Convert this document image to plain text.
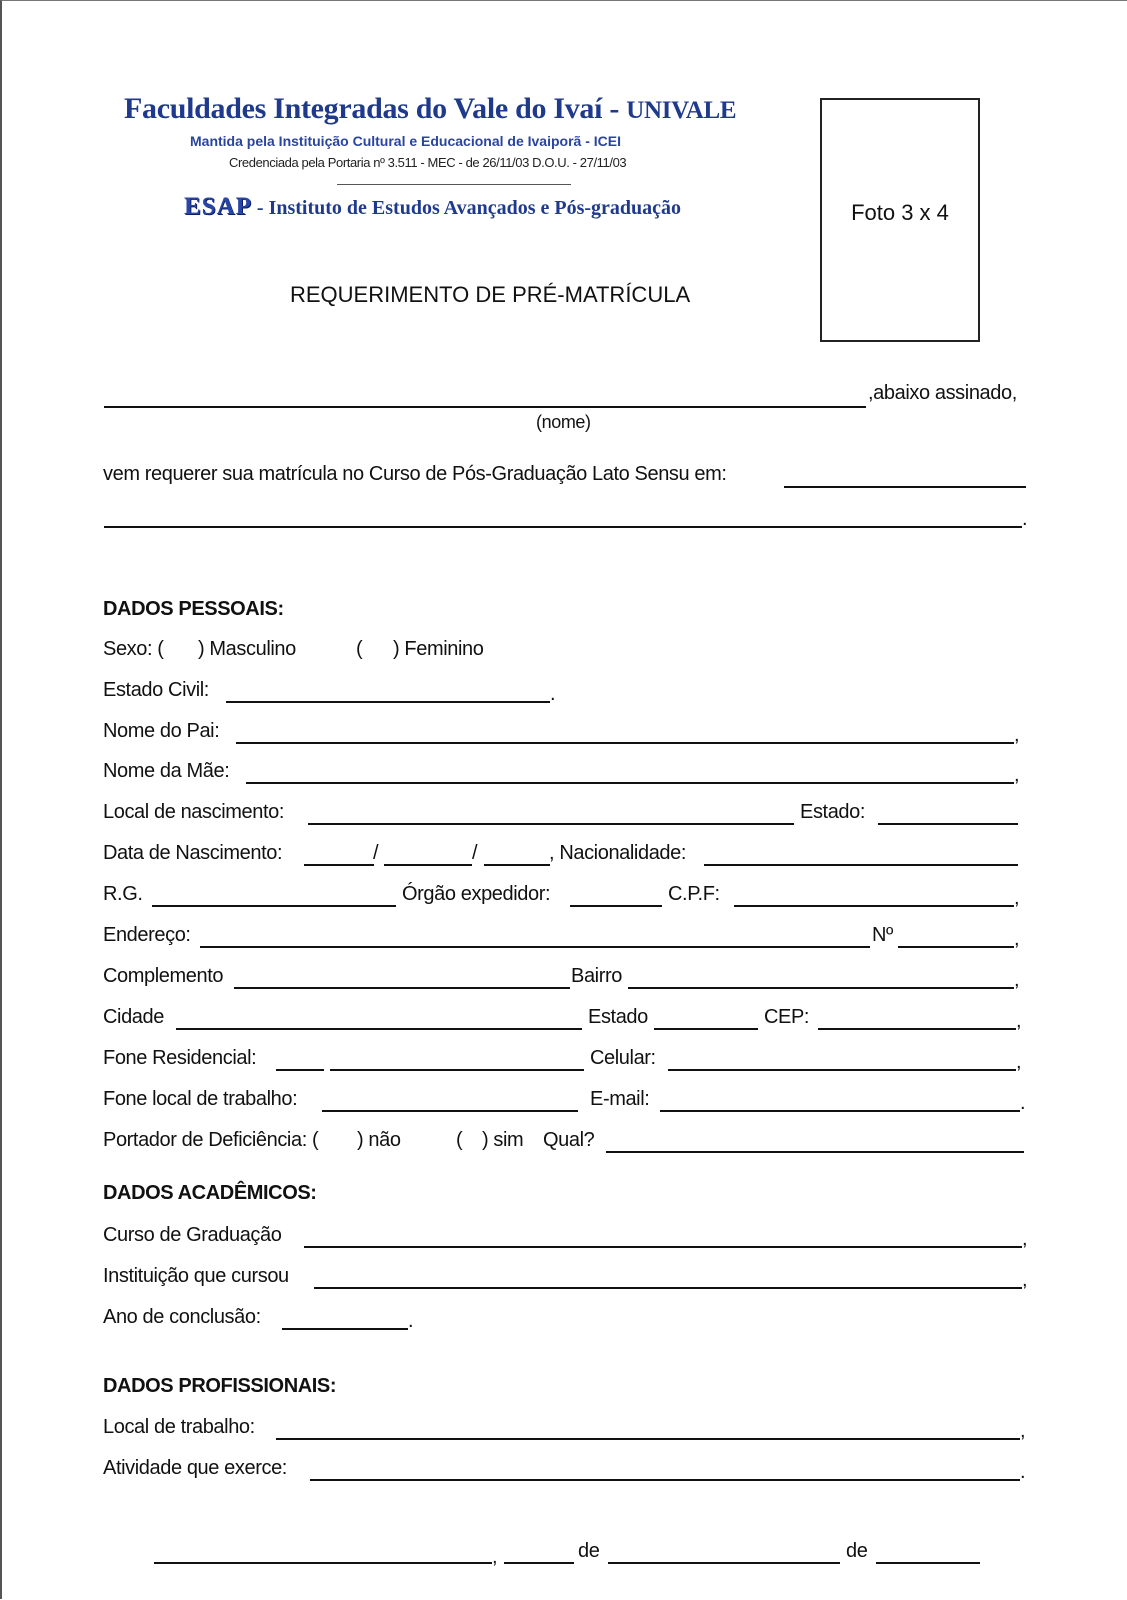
Faculdades Integradas do Vale do Ivaí - UNIVALE
Mantida pela Instituição Cultural e Educacional de Ivaiporã - ICEI
Credenciada pela Portaria nº 3.511 - MEC - de 26/11/03 D.O.U. - 27/11/03
ESAP - Instituto de Estudos Avançados e Pós-graduação	Foto 3 x 4
REQUERIMENTO DE PRÉ-MATRÍCULA
,abaixo assinado,
(nome)
vem requerer sua matrícula no Curso de Pós-Graduação Lato Sensu em:
.
DADOS PESSOAIS:
Sexo: ( ) Masculino	( ) Feminino
Estado Civil:	.
Nome do Pai:	,
Nome da Mãe:	,
Local de nascimento:	Estado:
Data de Nascimento:	/	/	, Nacionalidade:
R.G.	Órgão expedidor:	C.P.F:	,
Endereço:	Nº	,
Complemento	Bairro	,
Cidade	Estado	CEP:	,
Fone Residencial:	Celular:	,
Fone local de trabalho:	E-mail:	.
Portador de Deficiência: ( ) não	( ) sim Qual?
DADOS ACADÊMICOS:
Curso de Graduação	,
Instituição que cursou	,
Ano de conclusão:	.
DADOS PROFISSIONAIS:
Local de trabalho:	,
Atividade que exerce:	.
,	de	de
